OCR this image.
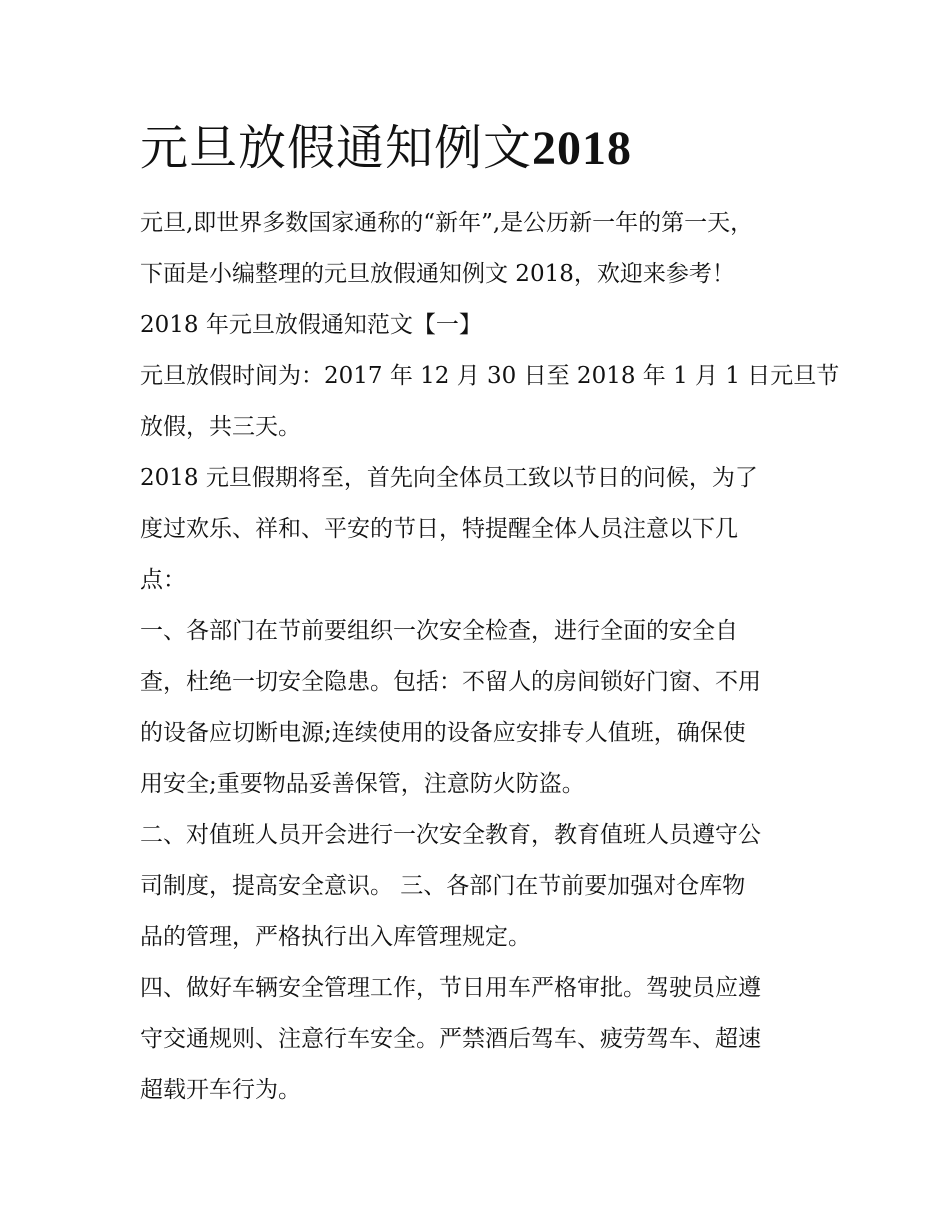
元旦放假通知例文2018

元旦,即世界多数国家通称的“新年”,是公历新一年的第一天，

下面是小编整理的元旦放假通知例文 2018，欢迎来参考！

2018 年元旦放假通知范文【一】

元旦放假时间为：2017 年 12 月 30 日至 2018 年 1 月 1 日元旦节

放假，共三天。

2018 元旦假期将至，首先向全体员工致以节日的问候，为了

度过欢乐、祥和、平安的节日，特提醒全体人员注意以下几

点：

一、各部门在节前要组织一次安全检查，进行全面的安全自

查，杜绝一切安全隐患。包括：不留人的房间锁好门窗、不用

的设备应切断电源;连续使用的设备应安排专人值班，确保使

用安全;重要物品妥善保管，注意防火防盗。

二、对值班人员开会进行一次安全教育，教育值班人员遵守公

司制度，提高安全意识。 三、各部门在节前要加强对仓库物

品的管理，严格执行出入库管理规定。

四、做好车辆安全管理工作，节日用车严格审批。驾驶员应遵

守交通规则、注意行车安全。严禁酒后驾车、疲劳驾车、超速

超载开车行为。
